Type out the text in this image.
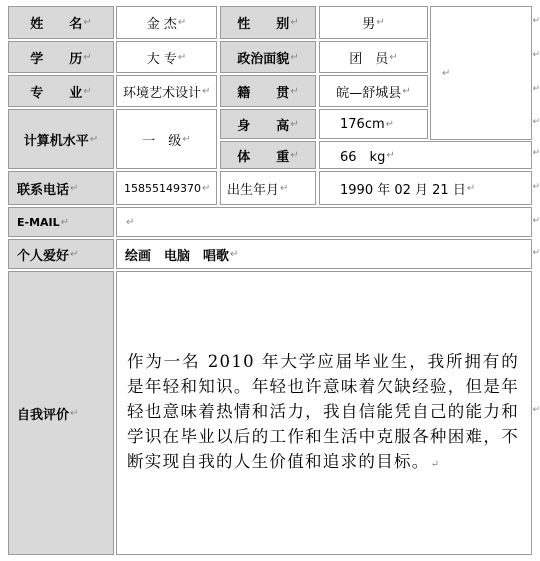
姓　　名 ↵	金 杰 ↵	性　　别 ↵	男 ↵
↵
学　　历 ↵	大 专 ↵	政治面貌 ↵	团　员 ↵
专　　业 ↵ 环境艺术设计 ↵ 籍　　贯 ↵	皖—舒城县 ↵
计算机水平 ↵	一　级 ↵
身　　高 ↵	176cm ↵
体　　重 ↵	66　kg ↵
联系电话 ↵	15855149370 ↵ 出生年月 ↵	1990 年 02 月 21 日 ↵
E-MAIL ↵	↵
个人爱好 ↵	绘画　电脑　唱歌 ↵
自我评价 ↵
作为一名 2010 年大学应届毕业生，我所拥有的是年轻和知识。年轻也许意味着欠缺经验，但是年轻也意味着热情和活力，我自信能凭自己的能力和学识在毕业以后的工作和生活中克服各种困难，不断实现自我的人生价值和追求的目标。↵
↵
↵
↵
↵
↵
↵
↵
↵
↵
